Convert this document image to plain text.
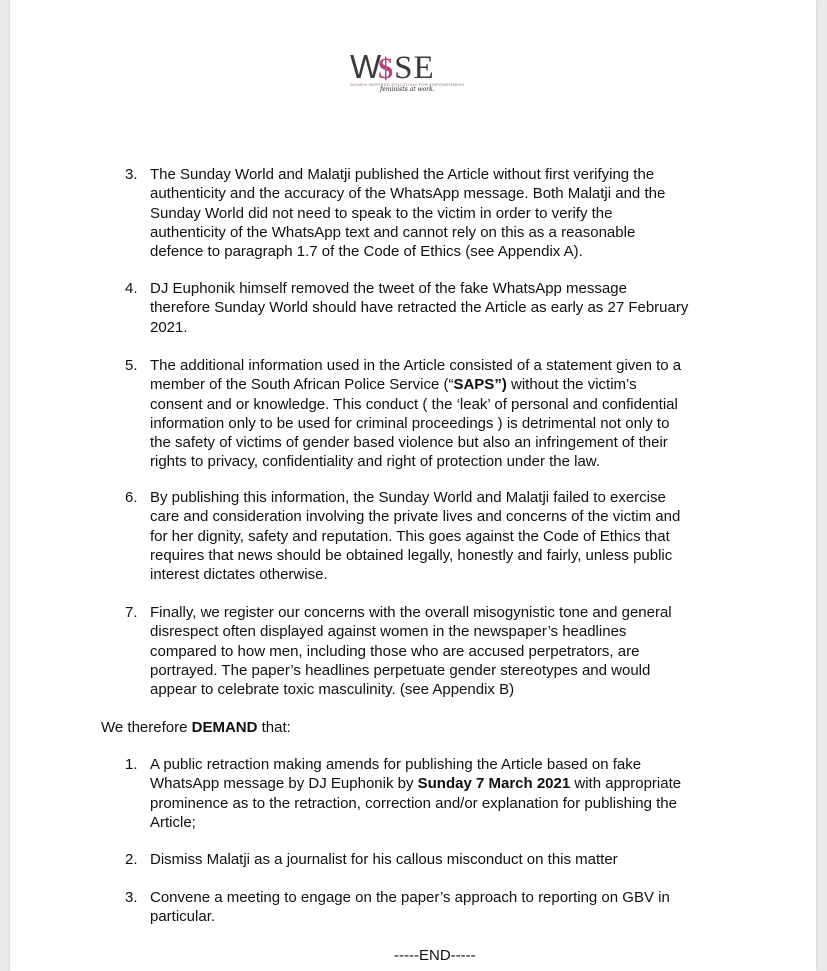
W$SE
WOMEN INSPIRED SOLUTIONS FOR EMPOWERMENT
feminists at work.
3. The Sunday World and Malatji published the Article without first verifying the
authenticity and the accuracy of the WhatsApp message. Both Malatji and the
Sunday World did not need to speak to the victim in order to verify the
authenticity of the WhatsApp text and cannot rely on this as a reasonable
defence to paragraph 1.7 of the Code of Ethics (see Appendix A).
4. DJ Euphonik himself removed the tweet of the fake WhatsApp message
therefore Sunday World should have retracted the Article as early as 27 February
2021.
5. The additional information used in the Article consisted of a statement given to a
member of the South African Police Service (“SAPS”) without the victim’s
consent and or knowledge. This conduct ( the ‘leak’ of personal and confidential
information only to be used for criminal proceedings ) is detrimental not only to
the safety of victims of gender based violence but also an infringement of their
rights to privacy, confidentiality and right of protection under the law.
6. By publishing this information, the Sunday World and Malatji failed to exercise
care and consideration involving the private lives and concerns of the victim and
for her dignity, safety and reputation. This goes against the Code of Ethics that
requires that news should be obtained legally, honestly and fairly, unless public
interest dictates otherwise.
7. Finally, we register our concerns with the overall misogynistic tone and general
disrespect often displayed against women in the newspaper’s headlines
compared to how men, including those who are accused perpetrators, are
portrayed. The paper’s headlines perpetuate gender stereotypes and would
appear to celebrate toxic masculinity. (see Appendix B)
We therefore DEMAND that:
1. A public retraction making amends for publishing the Article based on fake
WhatsApp message by DJ Euphonik by Sunday 7 March 2021 with appropriate
prominence as to the retraction, correction and/or explanation for publishing the
Article;
2. Dismiss Malatji as a journalist for his callous misconduct on this matter
3. Convene a meeting to engage on the paper’s approach to reporting on GBV in
particular.
-----END-----
